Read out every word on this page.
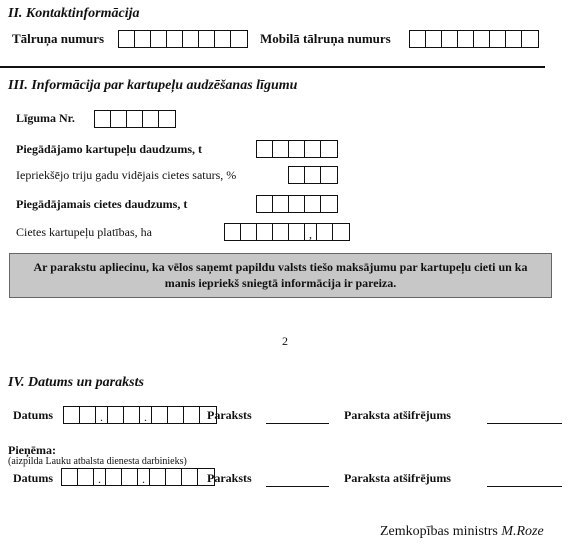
II. Kontaktinformācija
Tālruņa numurs	Mobilā tālruņa numurs
III. Informācija par kartupeļu audzēšanas līgumu
Līguma Nr.
Piegādājamo kartupeļu daudzums, t
Iepriekšējo triju gadu vidējais cietes saturs, %
Piegādājamais cietes daudzums, t
Cietes kartupeļu platības, ha	,
Ar parakstu apliecinu, ka vēlos saņemt papildu valsts tiešo maksājumu par kartupeļu cieti un ka manis iepriekš sniegtā informācija ir pareiza.
2
IV. Datums un paraksts
Datums	.	.	Paraksts	Paraksta atšifrējums
Pieņēma:
(aizpilda Lauku atbalsta dienesta darbinieks)
Datums	.	.	Paraksts	Paraksta atšifrējums
Zemkopības ministrs M.Roze
